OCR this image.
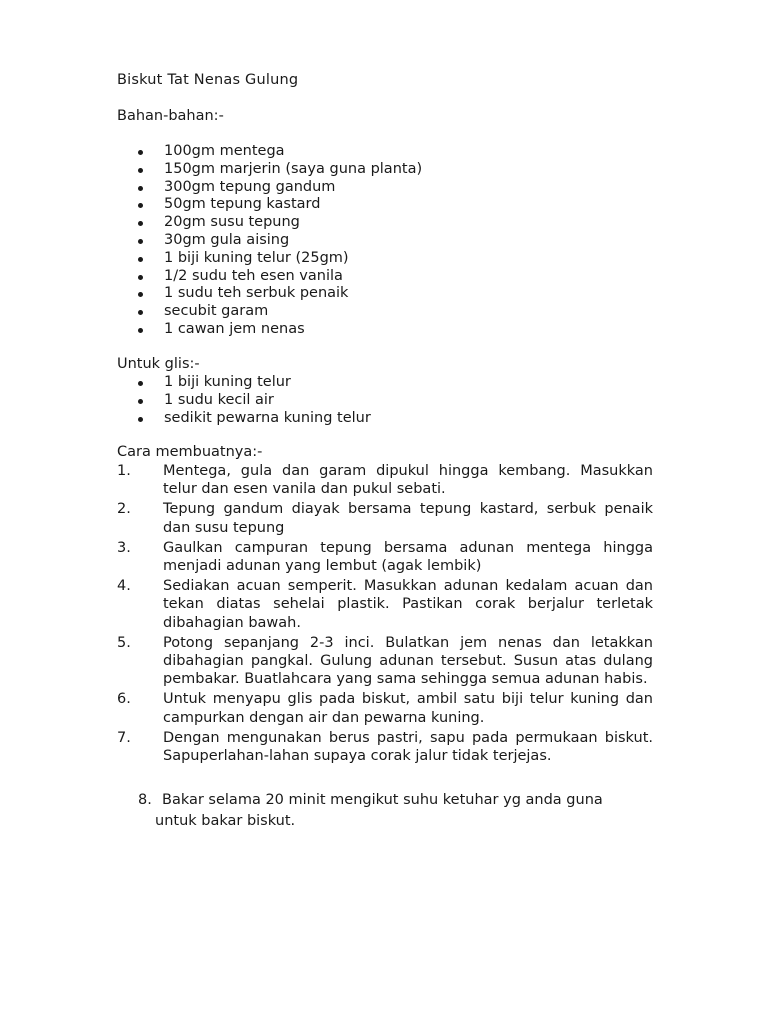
Biskut Tat Nenas Gulung
Bahan-bahan:-
100gm mentega
150gm marjerin (saya guna planta)
300gm tepung gandum
50gm tepung kastard
20gm susu tepung
30gm gula aising
1 biji kuning telur (25gm)
1/2 sudu teh esen vanila
1 sudu teh serbuk penaik
secubit garam
1 cawan jem nenas
Untuk glis:-
1 biji kuning telur
1 sudu kecil air
sedikit pewarna kuning telur
Cara membuatnya:-
1. Mentega, gula dan garam dipukul hingga kembang. Masukkan telur dan esen vanila dan pukul sebati.
2. Tepung gandum diayak bersama tepung kastard, serbuk penaik dan susu tepung
3. Gaulkan campuran tepung bersama adunan mentega hingga menjadi adunan yang lembut (agak lembik)
4. Sediakan acuan semperit. Masukkan adunan kedalam acuan dan tekan diatas sehelai plastik. Pastikan corak berjalur terletak dibahagian bawah.
5. Potong sepanjang 2-3 inci. Bulatkan jem nenas dan letakkan dibahagian pangkal. Gulung adunan tersebut. Susun atas dulang pembakar. Buatlahcara yang sama sehingga semua adunan habis.
6. Untuk menyapu glis pada biskut, ambil satu biji telur kuning dan campurkan dengan air dan pewarna kuning.
7. Dengan mengunakan berus pastri, sapu pada permukaan biskut. Sapuperlahan-lahan supaya corak jalur tidak terjejas.
8. Bakar selama 20 minit mengikut suhu ketuhar yg anda guna
untuk bakar biskut.
